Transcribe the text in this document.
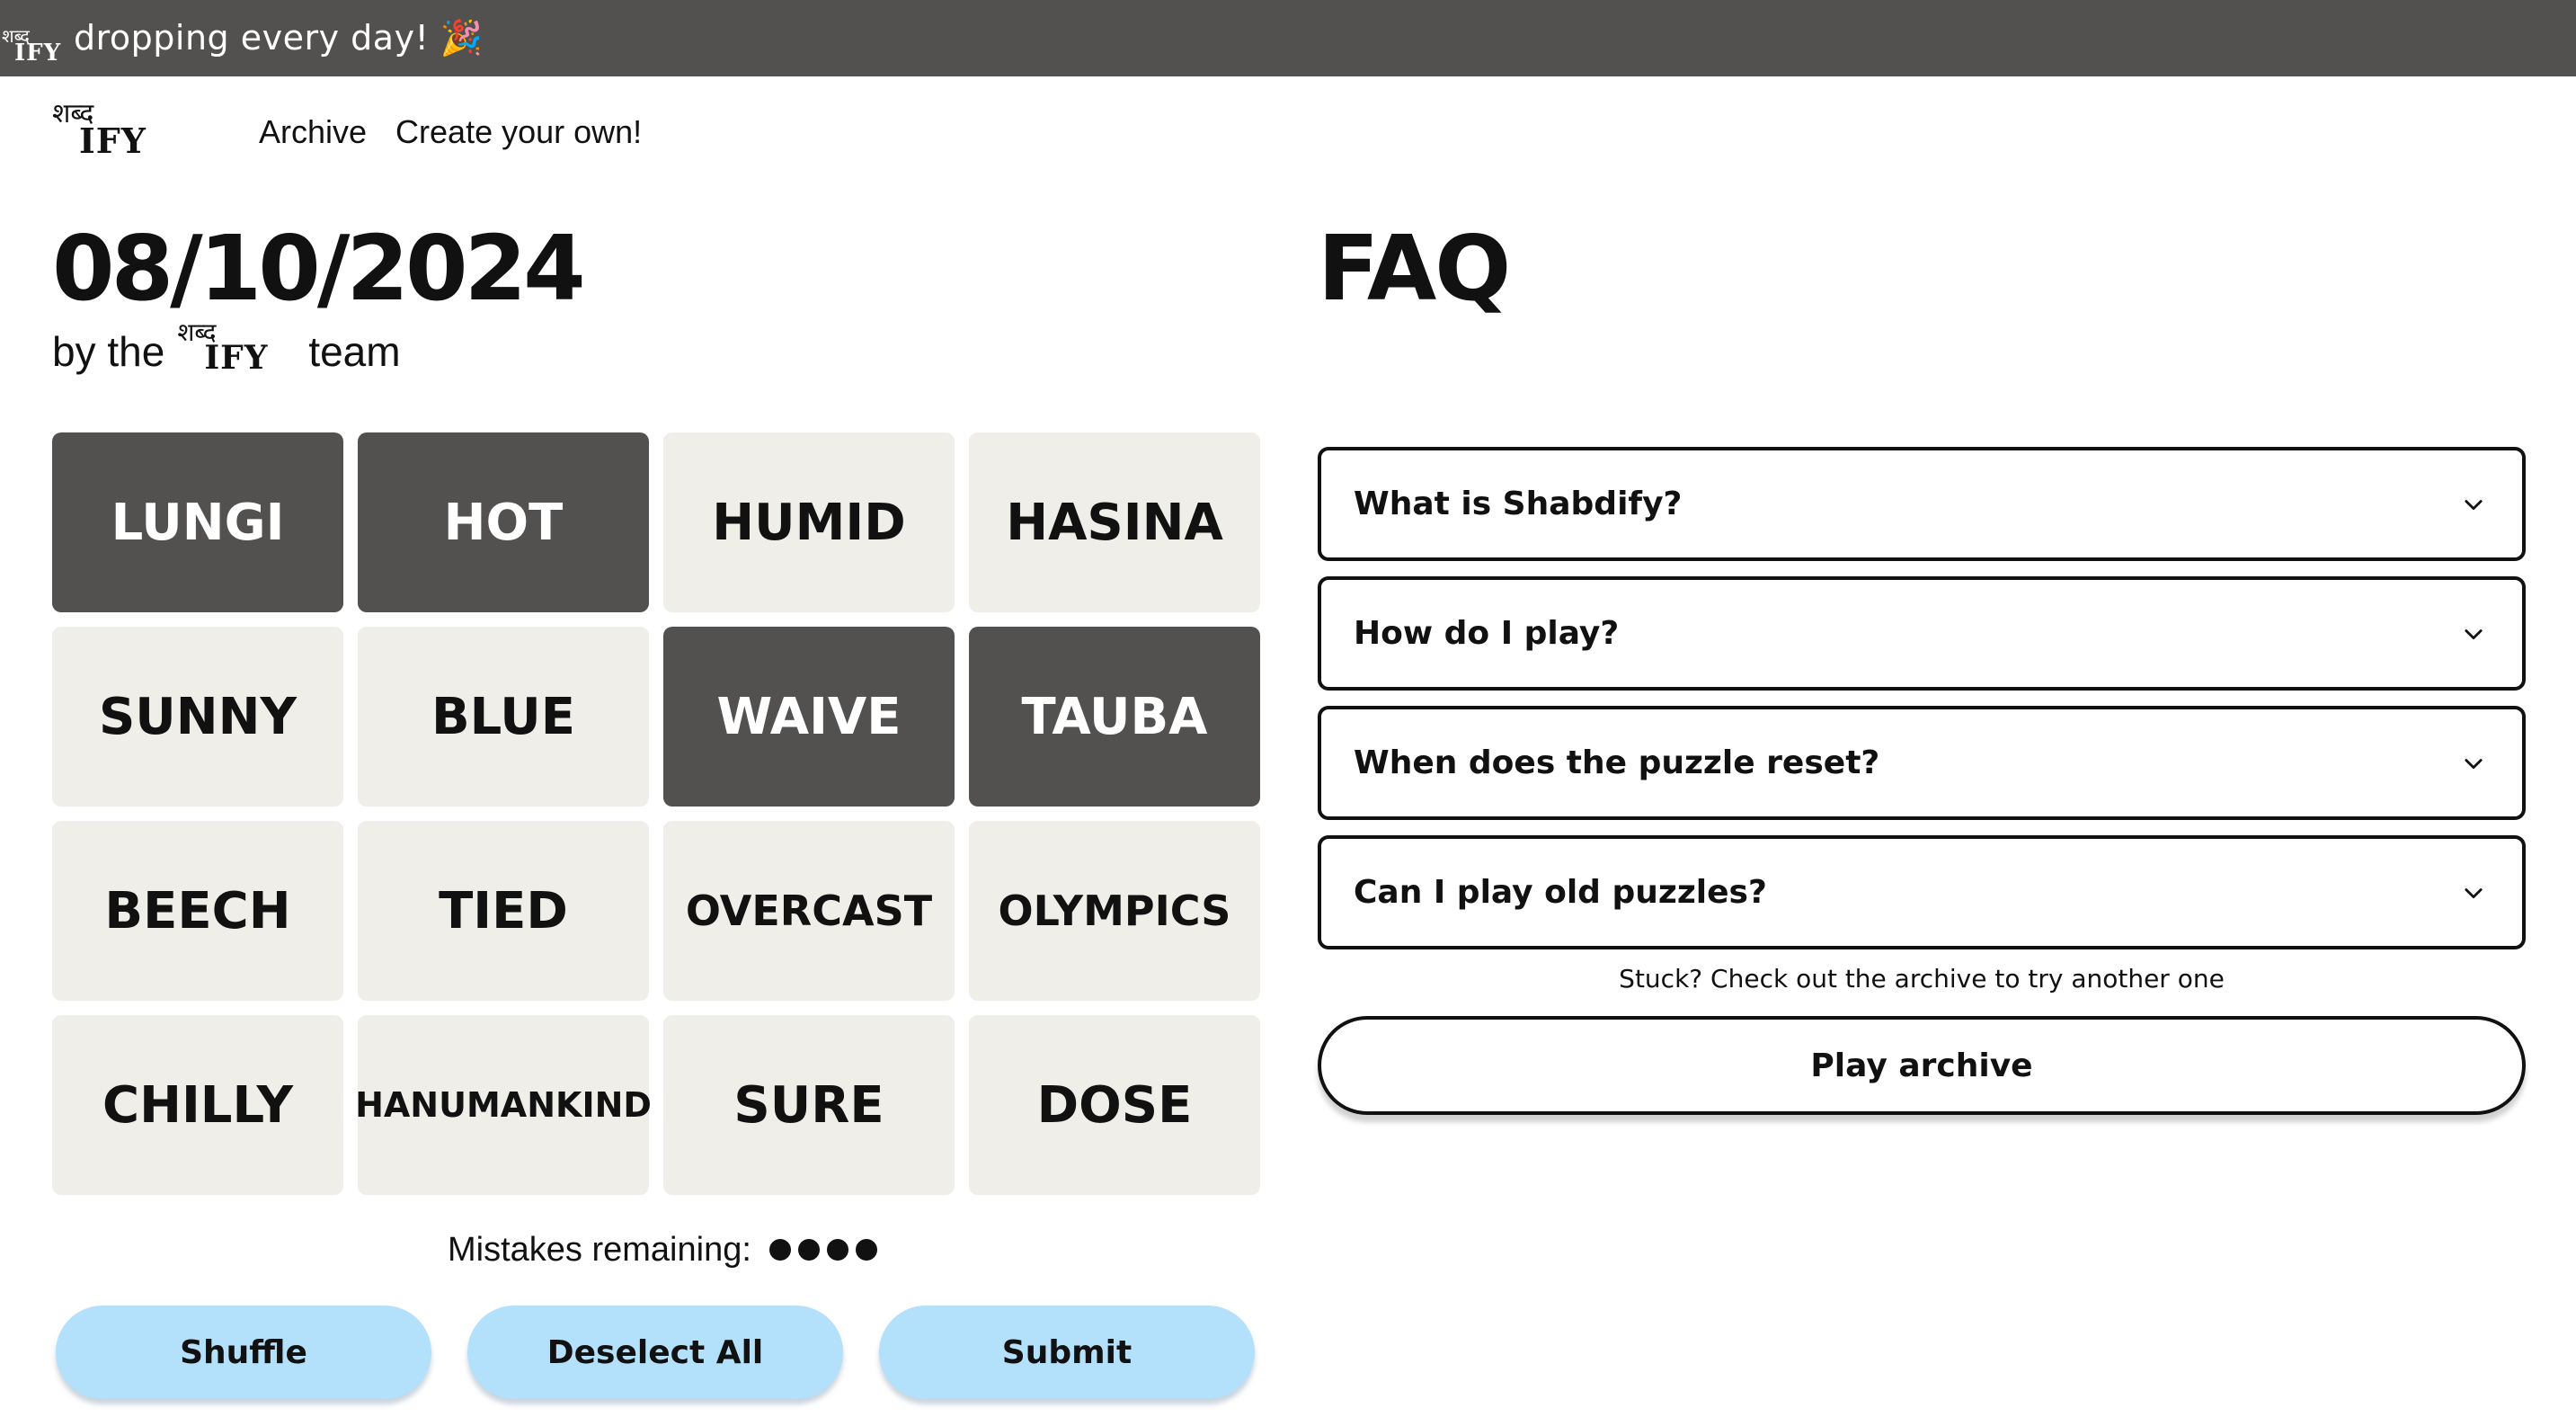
शब्द
IFY dropping every day! 🎉
शब्द
IFY	Archive Create your own!
08/10/2024
by the शब्द
IFY team
LUNGI	HOT	HUMID	HASINA
SUNNY	BLUE	WAIVE	TAUBA
BEECH	TIED	OVERCAST	OLYMPICS
CHILLY	HANUMANKIND	SURE	DOSE
Mistakes remaining:
Shuffle	Deselect All	Submit
FAQ
What is Shabdify?
How do I play?
When does the puzzle reset?
Can I play old puzzles?
Stuck? Check out the archive to try another one
Play archive
